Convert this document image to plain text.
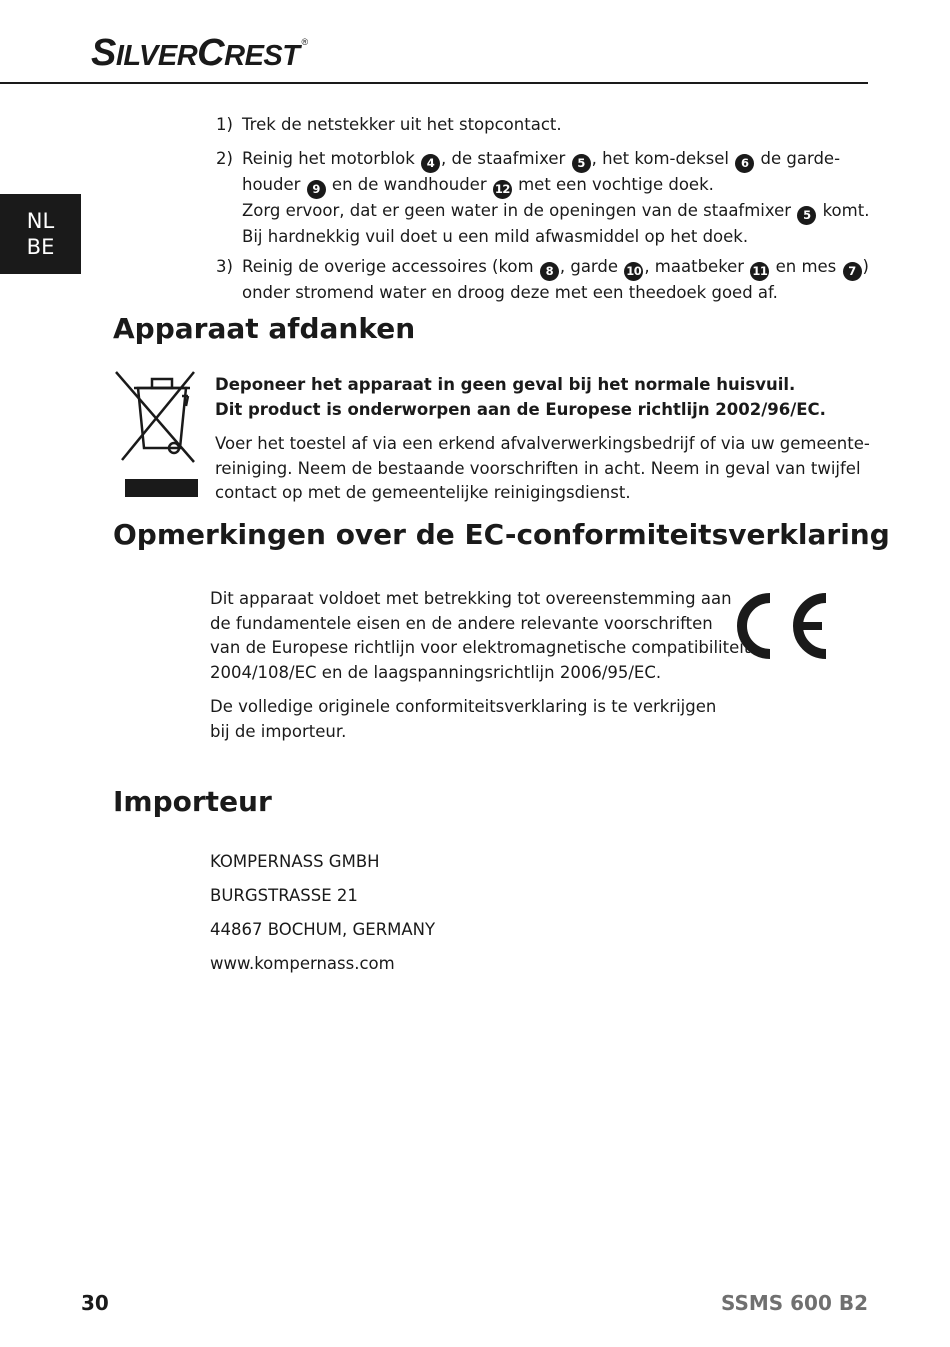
SILVERCREST ®
NL
BE
1) Trek de netstekker uit het stopcontact.
2) Reinig het motorblok 4 , de staafmixer 5 , het kom-deksel 6 de garde-
houder 9 en de wandhouder 12 met een vochtige doek.
Zorg ervoor, dat er geen water in de openingen van de staafmixer 5 komt.
Bij hardnekkig vuil doet u een mild afwasmiddel op het doek.
3) Reinig de overige accessoires (kom 8 , garde 10 , maatbeker 11 en mes 7 )
onder stromend water en droog deze met een theedoek goed af.
Apparaat afdanken
Deponeer het apparaat in geen geval bij het normale huisvuil.
Dit product is onderworpen aan de Europese richtlijn 2002/96/EC.
Voer het toestel af via een erkend afvalverwerkingsbedrijf of via uw gemeente-
reiniging. Neem de bestaande voorschriften in acht. Neem in geval van twijfel
contact op met de gemeentelijke reinigingsdienst.
Opmerkingen over de EC-conformiteitsverklaring
Dit apparaat voldoet met betrekking tot overeenstemming aan
de fundamentele eisen en de andere relevante voorschriften
van de Europese richtlijn voor elektromagnetische compatibiliteit
2004/108/EC en de laagspanningsrichtlijn 2006/95/EC.
De volledige originele conformiteitsverklaring is te verkrijgen
bij de importeur.
Importeur
KOMPERNASS GMBH
BURGSTRASSE 21
44867 BOCHUM, GERMANY
www.kompernass.com
30	SSMS 600 B2
